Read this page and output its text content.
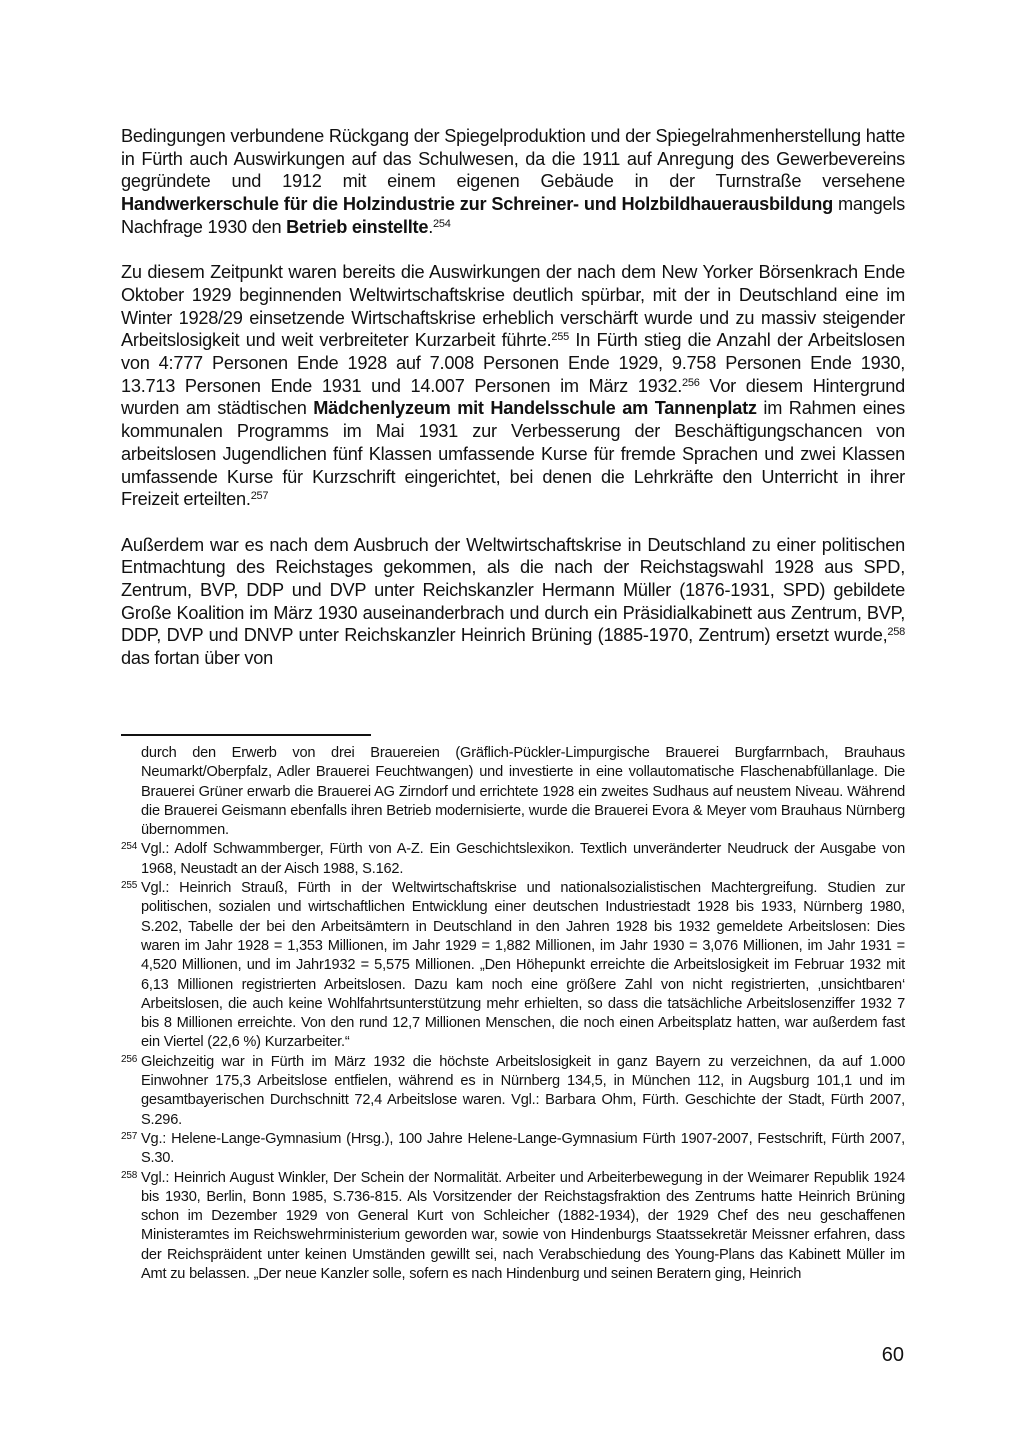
Bedingungen verbundene Rückgang der Spiegelproduktion und der Spiegelrahmenherstellung hatte in Fürth auch Auswirkungen auf das Schulwesen, da die 1911 auf Anregung des Gewerbevereins gegründete und 1912 mit einem eigenen Gebäude in der Turnstraße versehene Handwerkerschule für die Holzindustrie zur Schreiner- und Holzbildhauerausbildung mangels Nachfrage 1930 den Betrieb einstellte.$^{254}$

Zu diesem Zeitpunkt waren bereits die Auswirkungen der nach dem New Yorker Börsenkrach Ende Oktober 1929 beginnenden Weltwirtschaftskrise deutlich spürbar, mit der in Deutschland eine im Winter 1928/29 einsetzende Wirtschaftskrise erheblich verschärft wurde und zu massiv steigender Arbeitslosigkeit und weit verbreiteter Kurzarbeit führte.$^{255}$ In Fürth stieg die Anzahl der Arbeitslosen von 4:777 Personen Ende 1928 auf 7.008 Personen Ende 1929, 9.758 Personen Ende 1930, 13.713 Personen Ende 1931 und 14.007 Personen im März 1932.$^{256}$ Vor diesem Hintergrund wurden am städtischen Mädchenlyzeum mit Handelsschule am Tannenplatz im Rahmen eines kommunalen Programms im Mai 1931 zur Verbesserung der Beschäftigungschancen von arbeitslosen Jugendlichen fünf Klassen umfassende Kurse für fremde Sprachen und zwei Klassen umfassende Kurse für Kurzschrift eingerichtet, bei denen die Lehrkräfte den Unterricht in ihrer Freizeit erteilten.$^{257}$

Außerdem war es nach dem Ausbruch der Weltwirtschaftskrise in Deutschland zu einer politischen Entmachtung des Reichstages gekommen, als die nach der Reichstagswahl 1928 aus SPD, Zentrum, BVP, DDP und DVP unter Reichskanzler Hermann Müller (1876-1931, SPD) gebildete Große Koalition im März 1930 auseinanderbrach und durch ein Präsidialkabinett aus Zentrum, BVP, DDP, DVP und DNVP unter Reichskanzler Heinrich Brüning (1885-1970, Zentrum) ersetzt wurde,$^{258}$ das fortan über von

durch den Erwerb von drei Brauereien (Gräflich-Pückler-Limpurgische Brauerei Burgfarrnbach, Brauhaus Neumarkt/Oberpfalz, Adler Brauerei Feuchtwangen) und investierte in eine vollautomatische Flaschenabfüllanlage. Die Brauerei Grüner erwarb die Brauerei AG Zirndorf und errichtete 1928 ein zweites Sudhaus auf neustem Niveau. Während die Brauerei Geismann ebenfalls ihren Betrieb modernisierte, wurde die Brauerei Evora & Meyer vom Brauhaus Nürnberg übernommen.

254 Vgl.: Adolf Schwammberger, Fürth von A-Z. Ein Geschichtslexikon. Textlich unveränderter Neudruck der Ausgabe von 1968, Neustadt an der Aisch 1988, S.162.

255 Vgl.: Heinrich Strauß, Fürth in der Weltwirtschaftskrise und nationalsozialistischen Machtergreifung. Studien zur politischen, sozialen und wirtschaftlichen Entwicklung einer deutschen Industriestadt 1928 bis 1933, Nürnberg 1980, S.202, Tabelle der bei den Arbeitsämtern in Deutschland in den Jahren 1928 bis 1932 gemeldete Arbeitslosen: Dies waren im Jahr 1928 = 1,353 Millionen, im Jahr 1929 = 1,882 Millionen, im Jahr 1930 = 3,076 Millionen, im Jahr 1931 = 4,520 Millionen, und im Jahr1932 = 5,575 Millionen. „Den Höhepunkt erreichte die Arbeitslosigkeit im Februar 1932 mit 6,13 Millionen registrierten Arbeitslosen. Dazu kam noch eine größere Zahl von nicht registrierten, ‚unsichtbaren‘ Arbeitslosen, die auch keine Wohlfahrtsunterstützung mehr erhielten, so dass die tatsächliche Arbeitslosenziffer 1932 7 bis 8 Millionen erreichte. Von den rund 12,7 Millionen Menschen, die noch einen Arbeitsplatz hatten, war außerdem fast ein Viertel (22,6 %) Kurzarbeiter.“

256 Gleichzeitig war in Fürth im März 1932 die höchste Arbeitslosigkeit in ganz Bayern zu verzeichnen, da auf 1.000 Einwohner 175,3 Arbeitslose entfielen, während es in Nürnberg 134,5, in München 112, in Augsburg 101,1 und im gesamtbayerischen Durchschnitt 72,4 Arbeitslose waren. Vgl.: Barbara Ohm, Fürth. Geschichte der Stadt, Fürth 2007, S.296.

257 Vg.: Helene-Lange-Gymnasium (Hrsg.), 100 Jahre Helene-Lange-Gymnasium Fürth 1907-2007, Festschrift, Fürth 2007, S.30.

258 Vgl.: Heinrich August Winkler, Der Schein der Normalität. Arbeiter und Arbeiterbewegung in der Weimarer Republik 1924 bis 1930, Berlin, Bonn 1985, S.736-815. Als Vorsitzender der Reichstagsfraktion des Zentrums hatte Heinrich Brüning schon im Dezember 1929 von General Kurt von Schleicher (1882-1934), der 1929 Chef des neu geschaffenen Ministeramtes im Reichswehrministerium geworden war, sowie von Hindenburgs Staatssekretär Meissner erfahren, dass der Reichspräident unter keinen Umständen gewillt sei, nach Verabschiedung des Young-Plans das Kabinett Müller im Amt zu belassen. „Der neue Kanzler solle, sofern es nach Hindenburg und seinen Beratern ging, Heinrich

60
